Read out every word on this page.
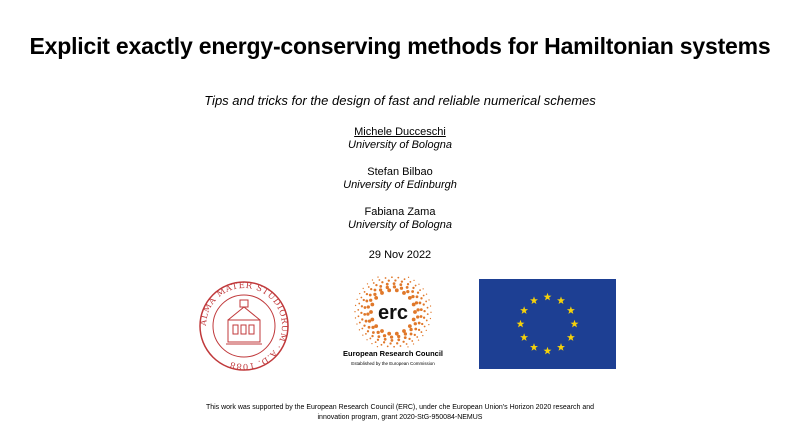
Explicit exactly energy-conserving methods for Hamiltonian systems
Tips and tricks for the design of fast and reliable numerical schemes
Michele Ducceschi
University of Bologna
Stefan Bilbao
University of Edinburgh
Fabiana Zama
University of Bologna
29 Nov 2022
ALMA MATER STUDIORUM · A.D. 1088
erc
European Research Council
Established by the European Commission
This work was supported by the European Research Council (ERC), under che European Union's Horizon 2020 research and innovation program, grant 2020-StG-950084-NEMUS
